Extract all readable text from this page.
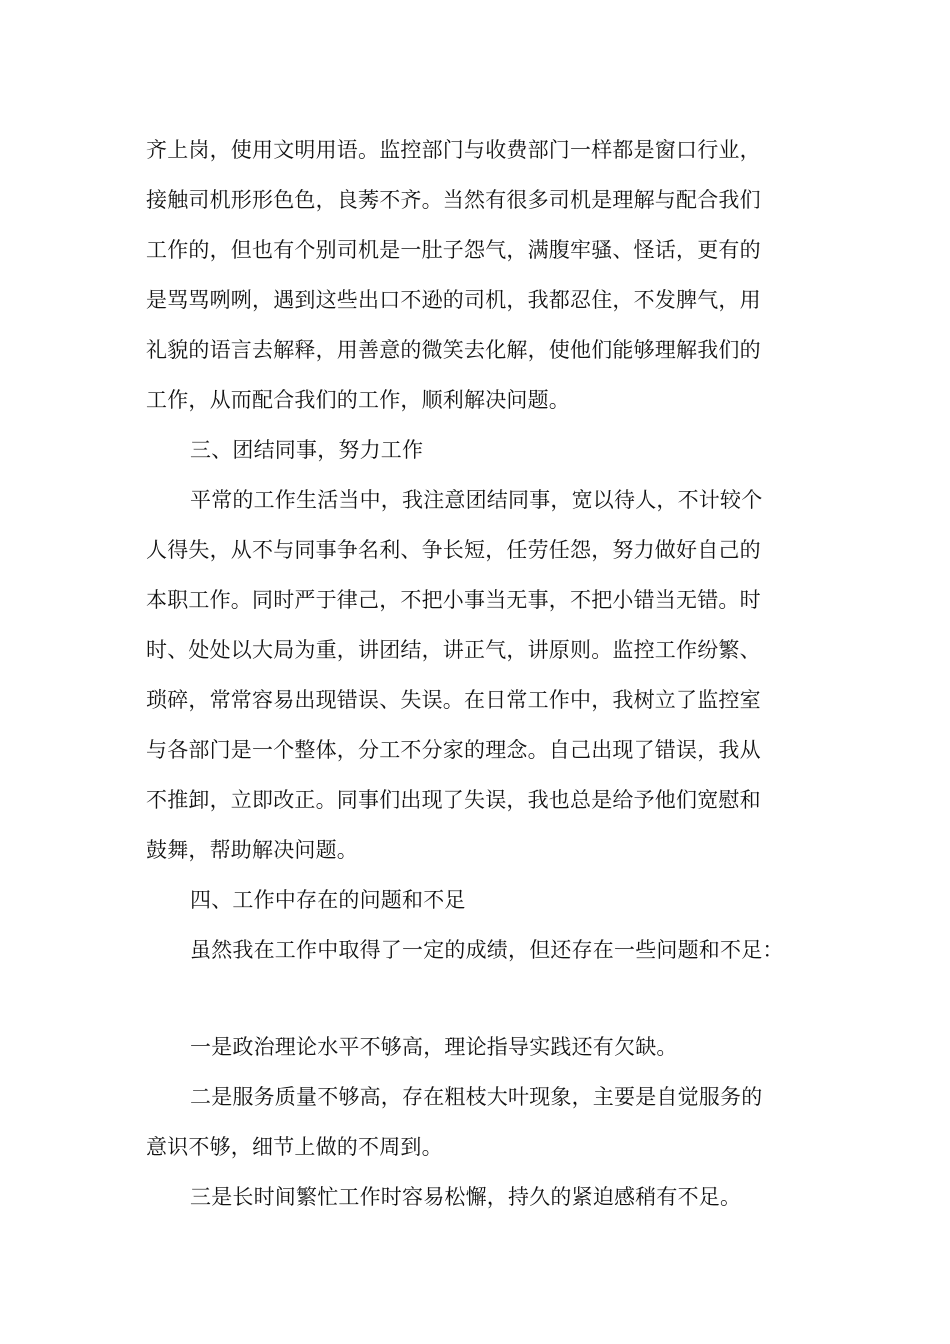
齐上岗，使用文明用语。监控部门与收费部门一样都是窗口行业，
接触司机形形色色，良莠不齐。当然有很多司机是理解与配合我们
工作的，但也有个别司机是一肚子怨气，满腹牢骚、怪话，更有的
是骂骂咧咧，遇到这些出口不逊的司机，我都忍住，不发脾气，用
礼貌的语言去解释，用善意的微笑去化解，使他们能够理解我们的
工作，从而配合我们的工作，顺利解决问题。
三、团结同事，努力工作
平常的工作生活当中，我注意团结同事，宽以待人，不计较个
人得失，从不与同事争名利、争长短，任劳任怨，努力做好自己的
本职工作。同时严于律己，不把小事当无事，不把小错当无错。时
时、处处以大局为重，讲团结，讲正气，讲原则。监控工作纷繁、
琐碎，常常容易出现错误、失误。在日常工作中，我树立了监控室
与各部门是一个整体，分工不分家的理念。自己出现了错误，我从
不推卸，立即改正。同事们出现了失误，我也总是给予他们宽慰和
鼓舞，帮助解决问题。
四、工作中存在的问题和不足
虽然我在工作中取得了一定的成绩，但还存在一些问题和不足：
一是政治理论水平不够高，理论指导实践还有欠缺。
二是服务质量不够高，存在粗枝大叶现象，主要是自觉服务的
意识不够，细节上做的不周到。
三是长时间繁忙工作时容易松懈，持久的紧迫感稍有不足。
